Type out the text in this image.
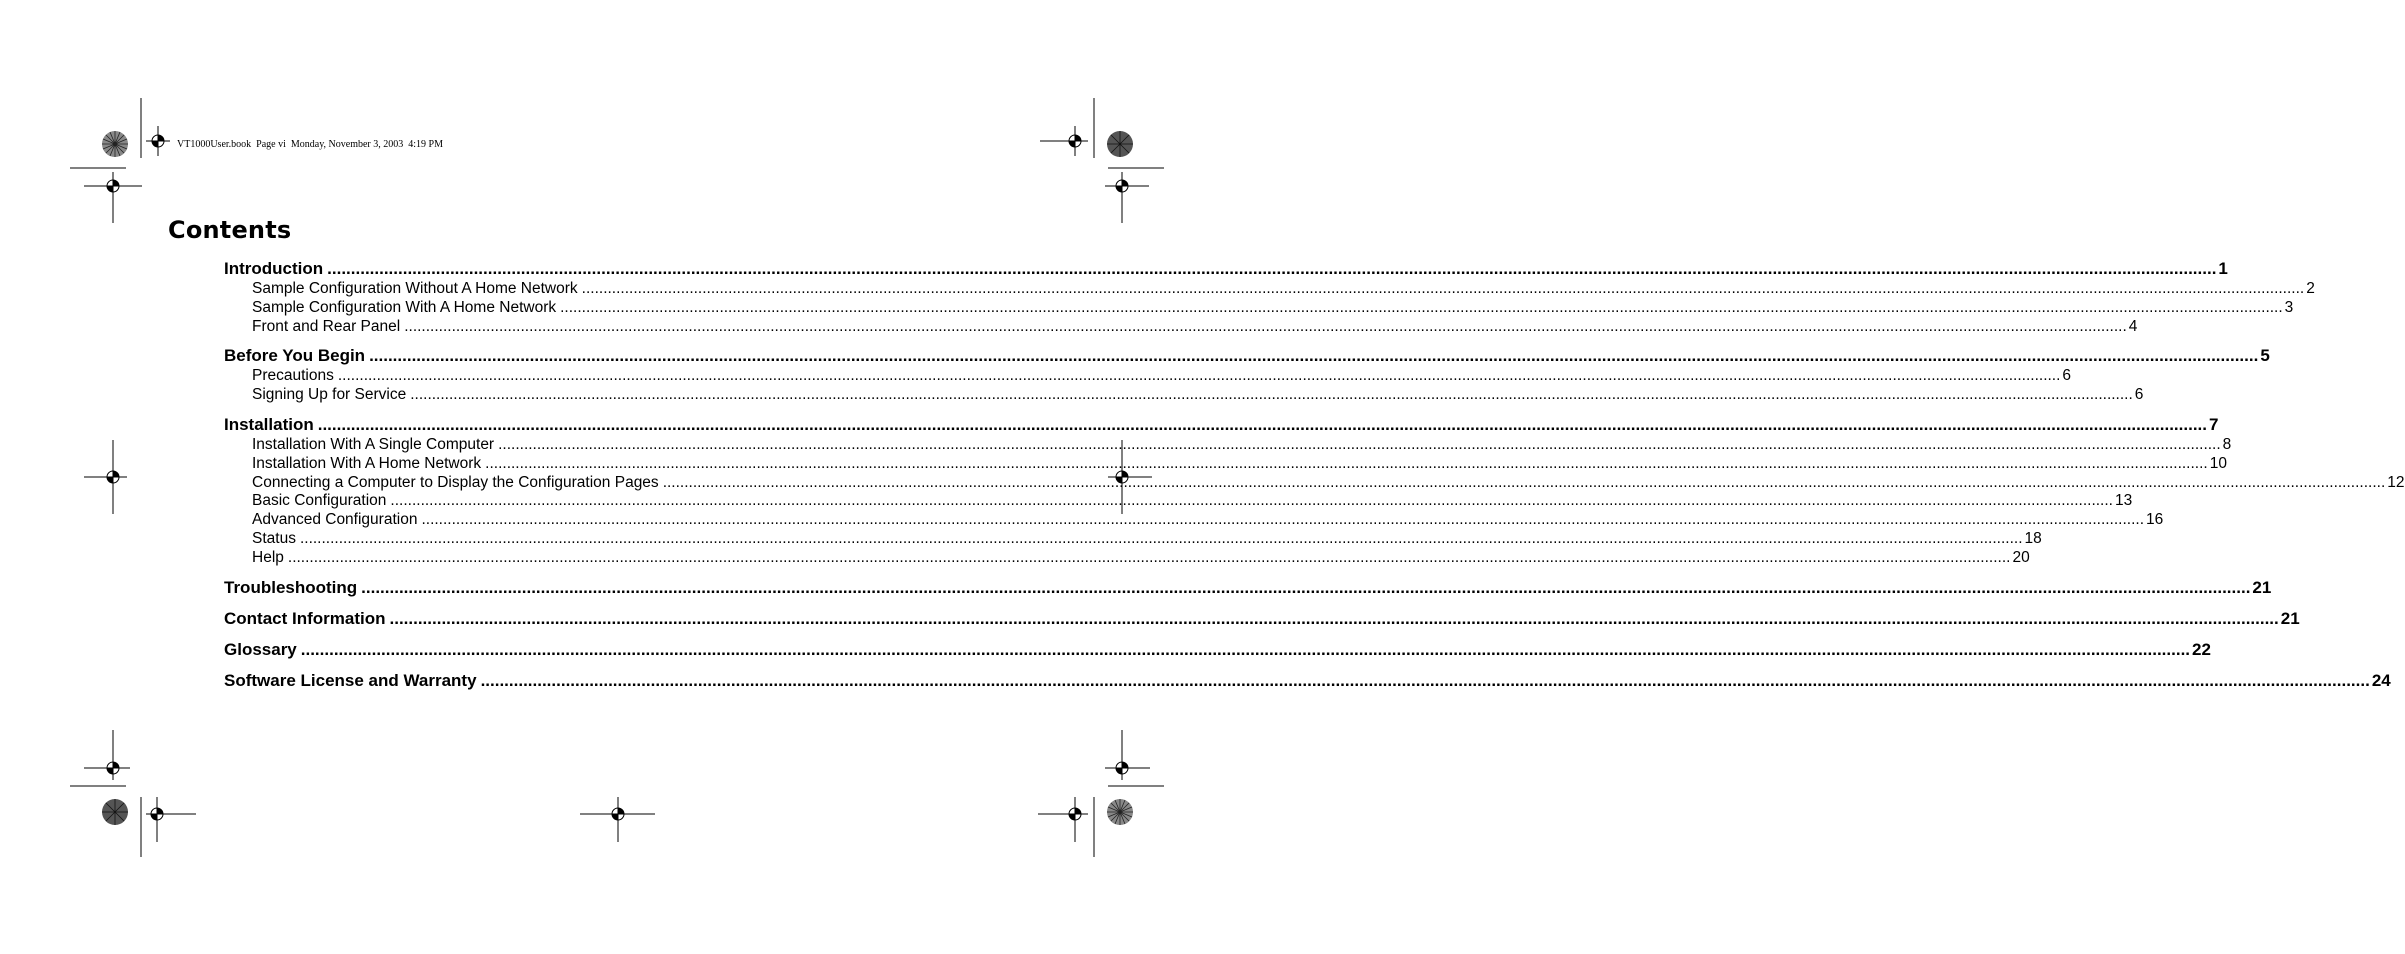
VT1000User.book  Page vi  Monday, November 3, 2003  4:19 PM
Contents
Introduction ................................................................................................................................................................................................................................................................................................................................................................................................................ 1
Sample Configuration Without A Home Network ................................................................................................................................................................................................................................................................................................................................................................................................................ 2
Sample Configuration With A Home Network ................................................................................................................................................................................................................................................................................................................................................................................................................ 3
Front and Rear Panel ................................................................................................................................................................................................................................................................................................................................................................................................................ 4
Before You Begin ................................................................................................................................................................................................................................................................................................................................................................................................................ 5
Precautions ................................................................................................................................................................................................................................................................................................................................................................................................................ 6
Signing Up for Service ................................................................................................................................................................................................................................................................................................................................................................................................................ 6
Installation ................................................................................................................................................................................................................................................................................................................................................................................................................ 7
Installation With A Single Computer ................................................................................................................................................................................................................................................................................................................................................................................................................ 8
Installation With A Home Network ................................................................................................................................................................................................................................................................................................................................................................................................................ 10
Connecting a Computer to Display the Configuration Pages ................................................................................................................................................................................................................................................................................................................................................................................................................ 12
Basic Configuration ................................................................................................................................................................................................................................................................................................................................................................................................................ 13
Advanced Configuration ................................................................................................................................................................................................................................................................................................................................................................................................................ 16
Status ................................................................................................................................................................................................................................................................................................................................................................................................................ 18
Help ................................................................................................................................................................................................................................................................................................................................................................................................................ 20
Troubleshooting ................................................................................................................................................................................................................................................................................................................................................................................................................ 21
Contact Information ................................................................................................................................................................................................................................................................................................................................................................................................................ 21
Glossary ................................................................................................................................................................................................................................................................................................................................................................................................................ 22
Software License and Warranty ................................................................................................................................................................................................................................................................................................................................................................................................................ 24
